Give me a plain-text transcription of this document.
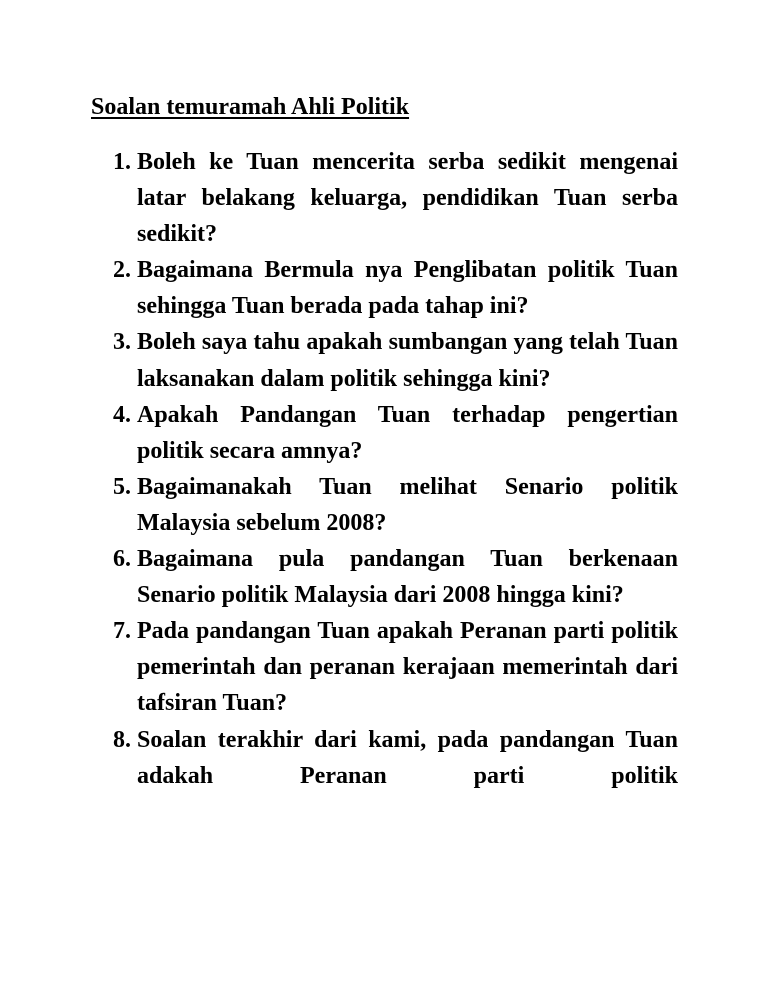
Soalan temuramah Ahli Politik
1. Boleh ke Tuan mencerita serba sedikit mengenai latar belakang keluarga, pendidikan Tuan serba sedikit?
2. Bagaimana Bermula nya Penglibatan politik Tuan sehingga Tuan berada pada tahap ini?
3. Boleh saya tahu apakah sumbangan yang telah Tuan laksanakan dalam politik sehingga kini?
4. Apakah Pandangan Tuan terhadap pengertian politik secara amnya?
5. Bagaimanakah Tuan melihat Senario politik Malaysia sebelum 2008?
6. Bagaimana pula pandangan Tuan berkenaan Senario politik Malaysia dari 2008 hingga kini?
7. Pada pandangan Tuan apakah Peranan parti politik pemerintah dan peranan kerajaan memerintah dari tafsiran Tuan?
8. Soalan terakhir dari kami, pada pandangan Tuan adakah Peranan parti politik
